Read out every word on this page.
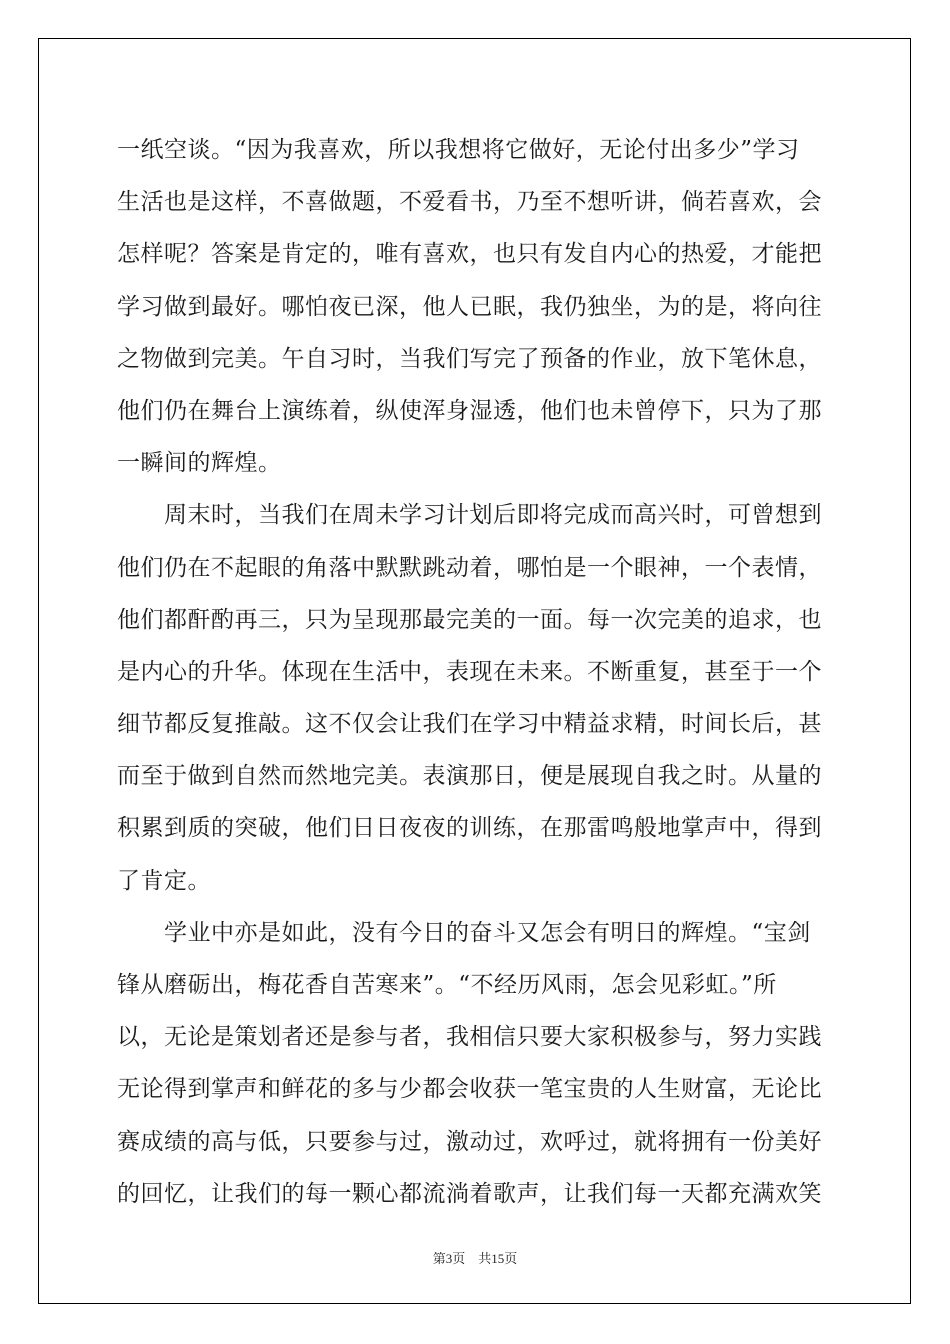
一纸空谈。“因为我喜欢，所以我想将它做好，无论付出多少”学习
生活也是这样，不喜做题，不爱看书，乃至不想听讲，倘若喜欢，会
怎样呢？答案是肯定的，唯有喜欢，也只有发自内心的热爱，才能把
学习做到最好。哪怕夜已深，他人已眠，我仍独坐，为的是，将向往
之物做到完美。午自习时，当我们写完了预备的作业，放下笔休息，
他们仍在舞台上演练着，纵使浑身湿透，他们也未曾停下，只为了那
一瞬间的辉煌。
　　周末时，当我们在周未学习计划后即将完成而高兴时，可曾想到
他们仍在不起眼的角落中默默跳动着，哪怕是一个眼神，一个表情，
他们都酐酌再三，只为呈现那最完美的一面。每一次完美的追求，也
是内心的升华。体现在生活中，表现在未来。不断重复，甚至于一个
细节都反复推敲。这不仅会让我们在学习中精益求精，时间长后，甚
而至于做到自然而然地完美。表演那日，便是展现自我之时。从量的
积累到质的突破，他们日日夜夜的训练，在那雷鸣般地掌声中，得到
了肯定。
　　学业中亦是如此，没有今日的奋斗又怎会有明日的辉煌。“宝剑
锋从磨砺出，梅花香自苦寒来”。“不经历风雨，怎会见彩虹。”所
以，无论是策划者还是参与者，我相信只要大家积极参与，努力实践
无论得到掌声和鲜花的多与少都会收获一笔宝贵的人生财富，无论比
赛成绩的高与低，只要参与过，激动过，欢呼过，就将拥有一份美好
的回忆，让我们的每一颗心都流淌着歌声，让我们每一天都充满欢笑
第3页 共15页
